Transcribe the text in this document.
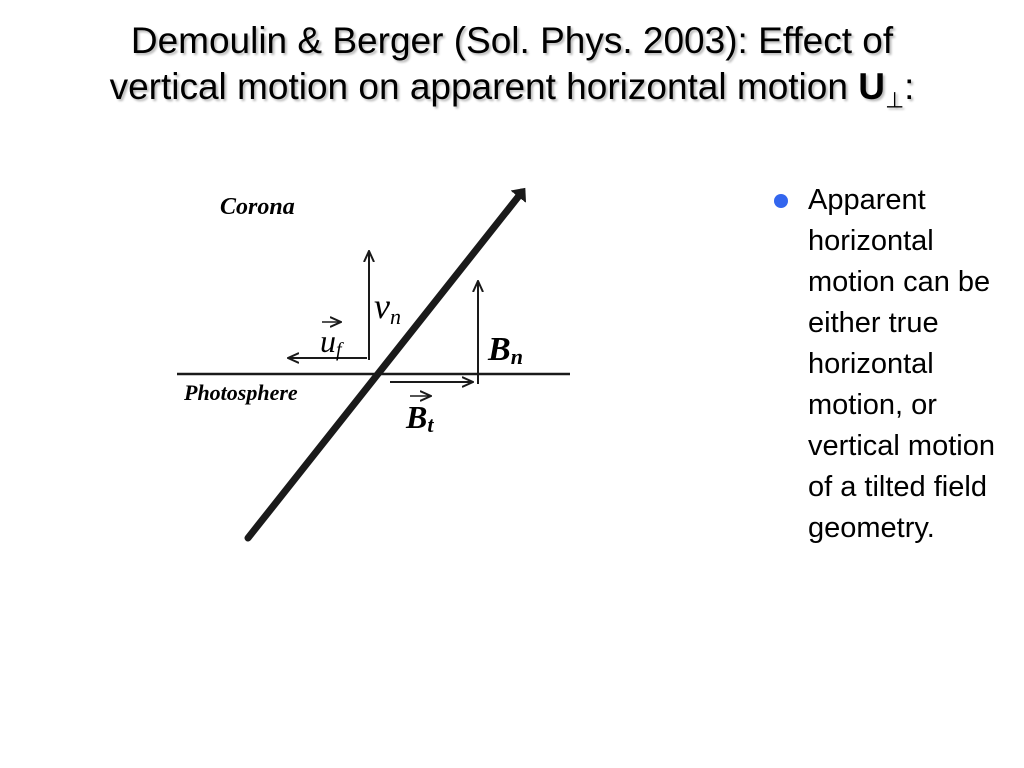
Demoulin & Berger (Sol. Phys. 2003): Effect of
vertical motion on apparent horizontal motion $U_\perp$:
Corona
Photosphere
vn
uf	Bn
Bt
Apparent horizontal motion can be either true horizontal motion, or vertical motion of a tilted field geometry.
